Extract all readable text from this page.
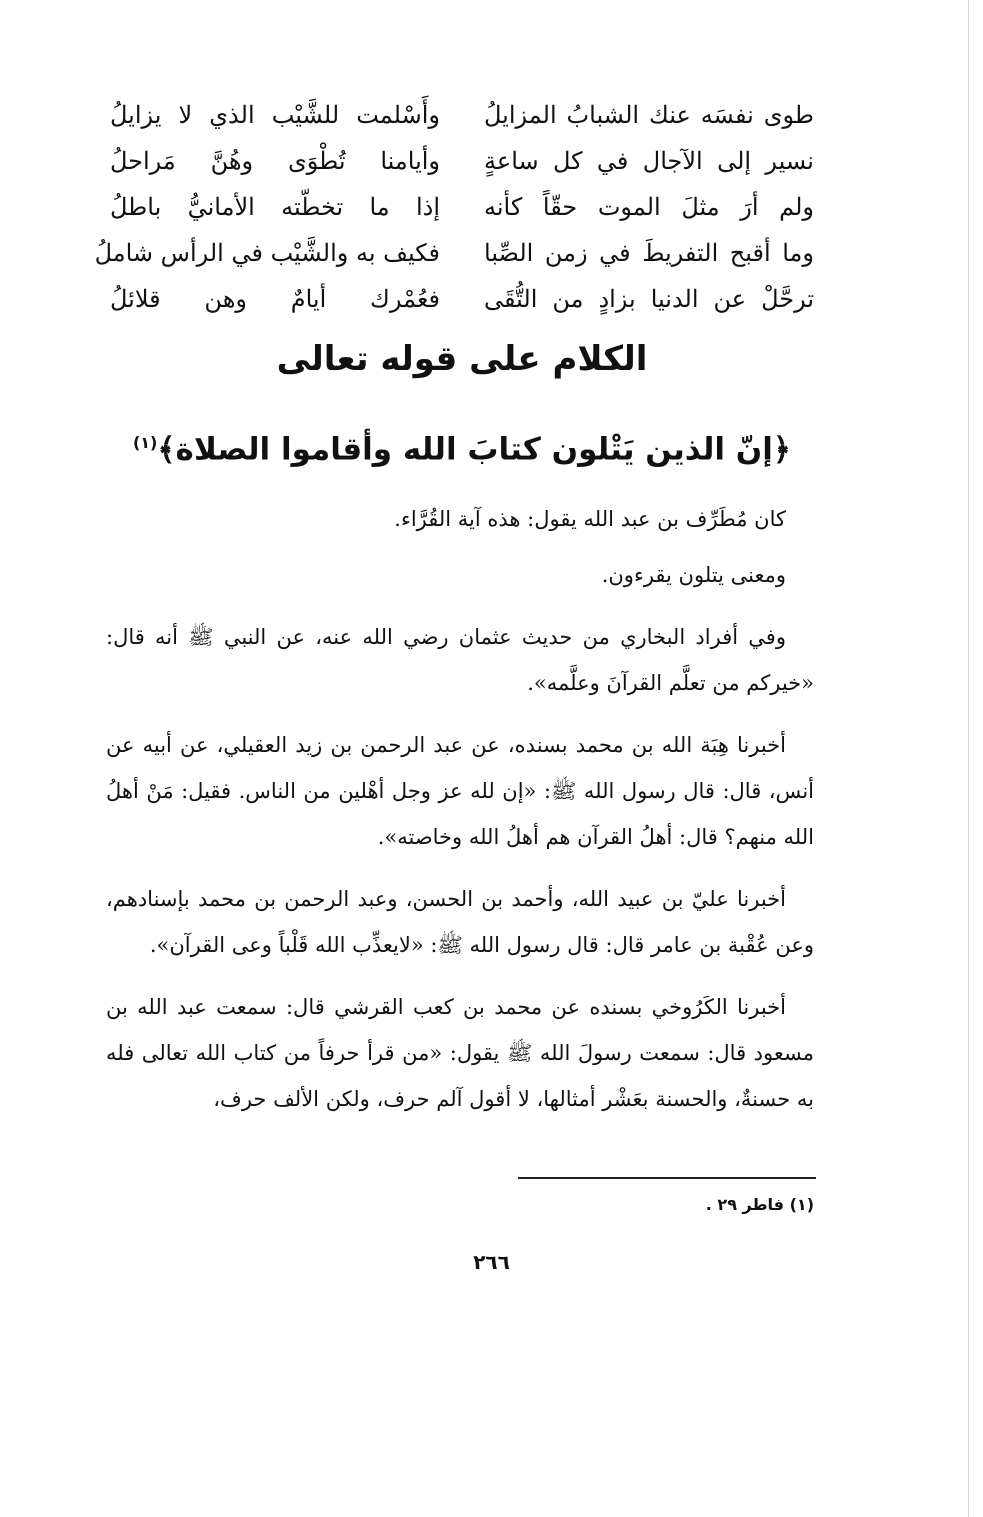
طوى نفسَه عنك الشبابُ المزايلُ
وأَسْلمت للشَّيْب الذي لا يزايلُ
نسير إلى الآجال في كل ساعةٍ
وأيامنا تُطْوَى وهُنَّ مَراحلُ
ولم أرَ مثلَ الموت حقّاً كأنه
إذا ما تخطّته الأمانيُّ باطلُ
وما أقبح التفريطَ في زمن الصِّبا
فكيف به والشَّيْب في الرأس شاملُ
ترحَّلْ عن الدنيا بزادٍ من التُّقَى
فعُمْرك أيامٌ وهن قلائلُ
الكلام على قوله تعالى
﴿إنّ الذين يَتْلون كتابَ الله وأقاموا الصلاة﴾$^{(١)}$

كان مُطَرِّف بن عبد الله يقول: هذه آية القُرَّاء.

ومعنى يتلون يقرءون.

وفي أفراد البخاري من حديث عثمان رضي الله عنه، عن النبي ﷺ أنه قال: «خيركم من تعلَّم القرآنَ وعلَّمه».

أخبرنا هِبَة الله بن محمد بسنده، عن عبد الرحمن بن زيد العقيلي، عن أبيه عن أنس، قال: قال رسول الله ﷺ: «إن لله عز وجل أهْلين من الناس. فقيل: مَنْ أهلُ الله منهم؟ قال: أهلُ القرآن هم أهلُ الله وخاصته».

أخبرنا عليّ بن عبيد الله، وأحمد بن الحسن، وعبد الرحمن بن محمد بإسنادهم، وعن عُقْبة بن عامر قال: قال رسول الله ﷺ: «لايعذِّب الله قَلْباً وعى القرآن».

أخبرنا الكَرُوخي بسنده عن محمد بن كعب القرشي قال: سمعت عبد الله بن مسعود قال: سمعت رسولَ الله ﷺ يقول: «من قرأ حرفاً من كتاب الله تعالى فله به حسنةٌ، والحسنة بعَشْر أمثالها، لا أقول آلم حرف، ولكن الألف حرف،

(١) فاطر ٢٩ .
٢٦٦
